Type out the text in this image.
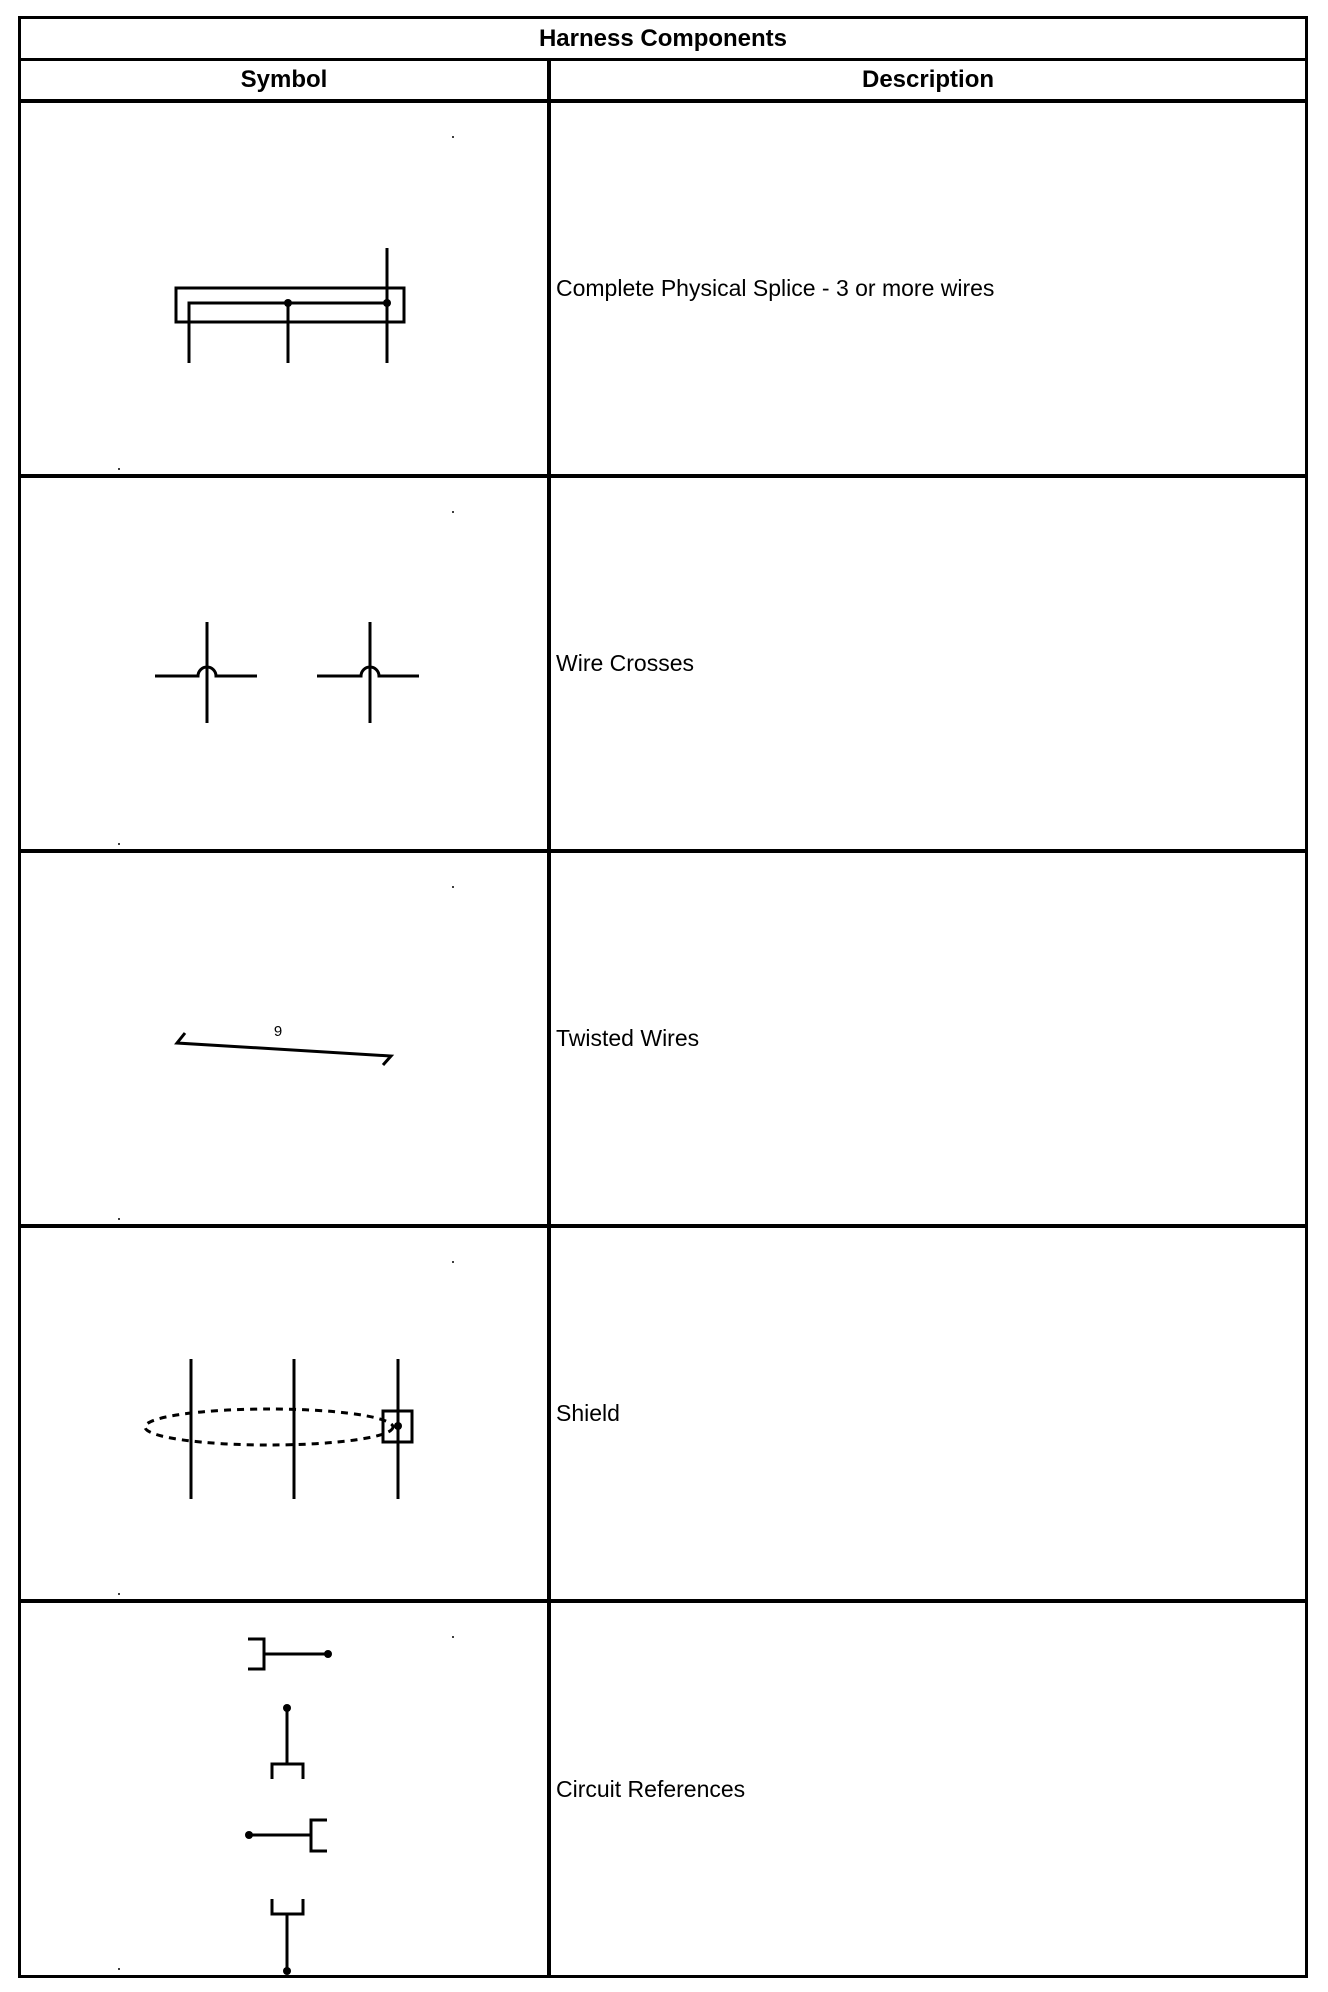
Harness Components
Symbol	Description
Complete Physical Splice - 3 or more wires
Wire Crosses
9	Twisted Wires
Shield
Circuit References
